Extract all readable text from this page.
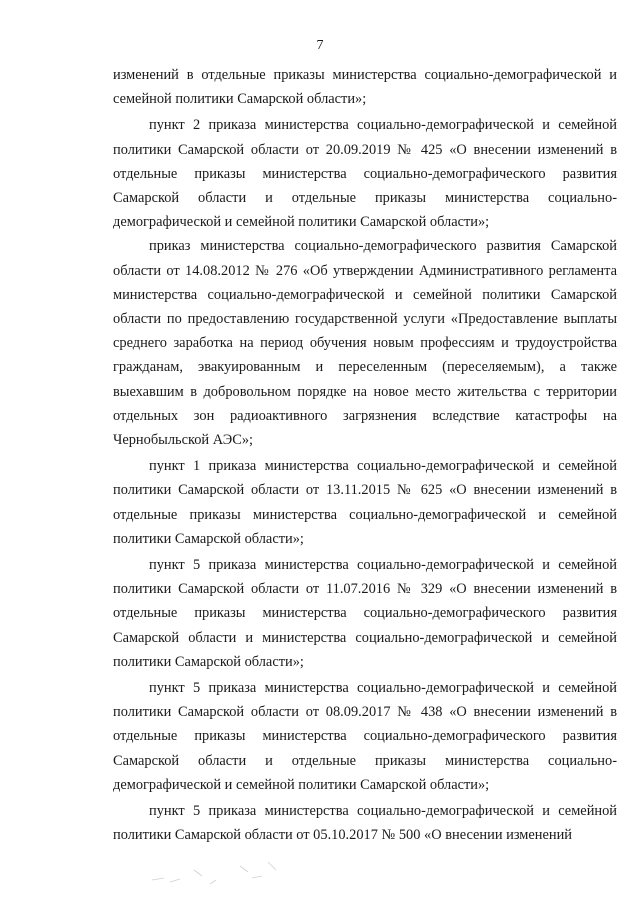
7

изменений в отдельные приказы министерства социально-демографической и семейной политики Самарской области»;

пункт 2 приказа министерства социально-демографической и семейной политики Самарской области от 20.09.2019 № 425 «О внесении изменений в отдельные приказы министерства социально-демографического развития Самарской области и отдельные приказы министерства социально-демографической и семейной политики Самарской области»;

приказ министерства социально-демографического развития Самарской области от 14.08.2012 № 276 «Об утверждении Административного регламента министерства социально-демографической и семейной политики Самарской области по предоставлению государственной услуги «Предоставление выплаты среднего заработка на период обучения новым профессиям и трудоустройства гражданам, эвакуированным и переселенным (переселяемым), а также выехавшим в добровольном порядке на новое место жительства с территории отдельных зон радиоактивного загрязнения вследствие катастрофы на Чернобыльской АЭС»;

пункт 1 приказа министерства социально-демографической и семейной политики Самарской области от 13.11.2015 № 625 «О внесении изменений в отдельные приказы министерства социально-демографической и семейной политики Самарской области»;

пункт 5 приказа министерства социально-демографической и семейной политики Самарской области от 11.07.2016 № 329 «О внесении изменений в отдельные приказы министерства социально-демографического развития Самарской области и министерства социально-демографической и семейной политики Самарской области»;

пункт 5 приказа министерства социально-демографической и семейной политики Самарской области от 08.09.2017 № 438 «О внесении изменений в отдельные приказы министерства социально-демографического развития Самарской области и отдельные приказы министерства социально-демографической и семейной политики Самарской области»;

пункт 5 приказа министерства социально-демографической и семейной политики Самарской области от 05.10.2017 № 500 «О внесении изменений
